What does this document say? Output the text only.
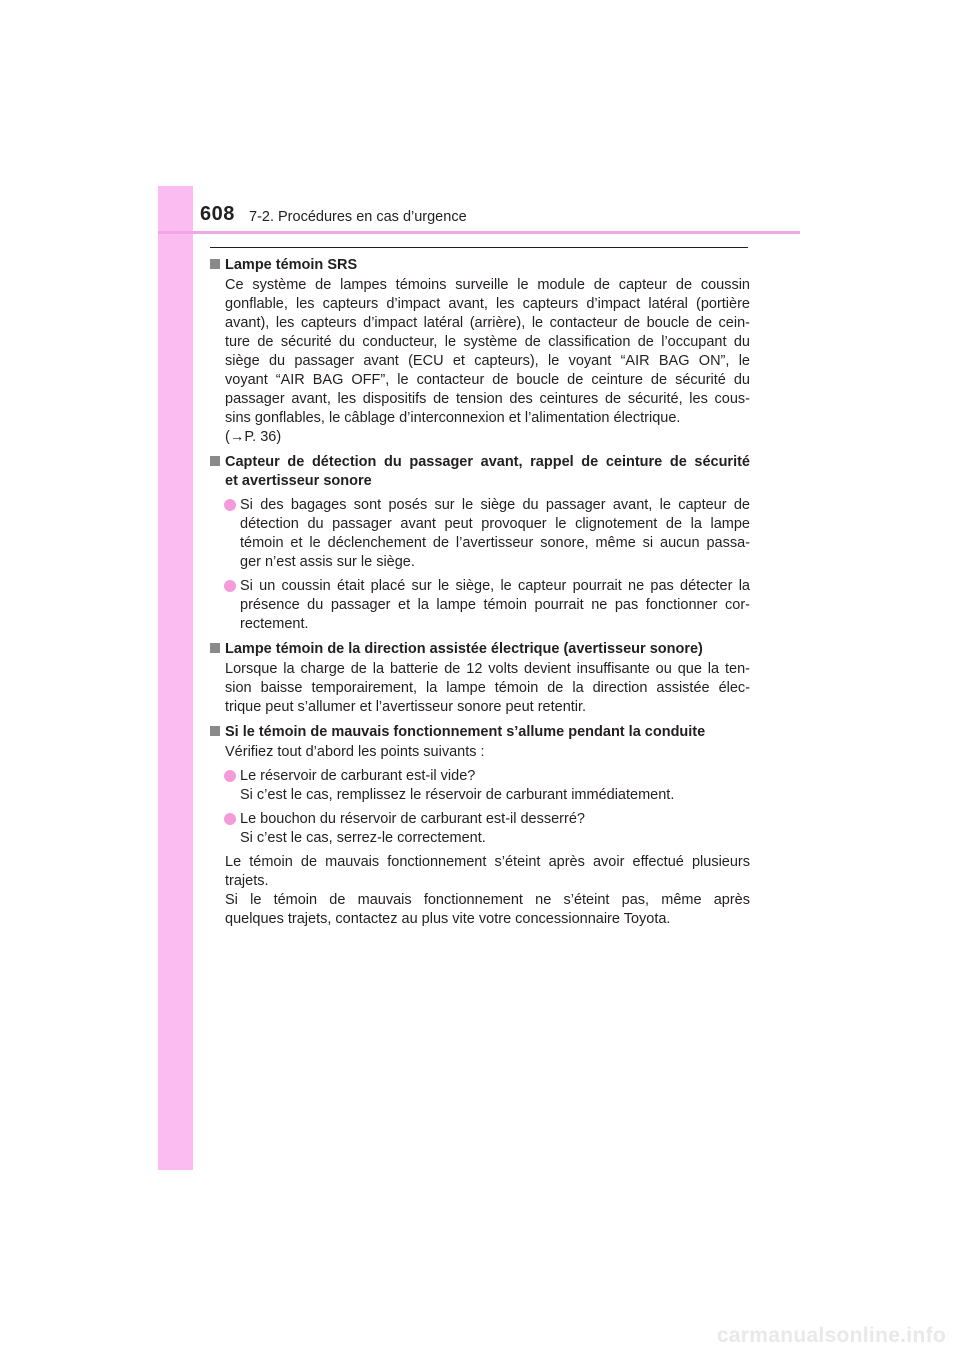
608 7-2. Procédures en cas d’urgence
Lampe témoin SRS
Ce système de lampes témoins surveille le module de capteur de coussin
gonflable, les capteurs d’impact avant, les capteurs d’impact latéral (portière
avant), les capteurs d’impact latéral (arrière), le contacteur de boucle de cein-
ture de sécurité du conducteur, le système de classification de l’occupant du
siège du passager avant (ECU et capteurs), le voyant “AIR BAG ON”, le
voyant “AIR BAG OFF”, le contacteur de boucle de ceinture de sécurité du
passager avant, les dispositifs de tension des ceintures de sécurité, les cous-
sins gonflables, le câblage d’interconnexion et l’alimentation électrique.
(→P. 36)
Capteur de détection du passager avant, rappel de ceinture de sécurité
et avertisseur sonore
Si des bagages sont posés sur le siège du passager avant, le capteur de
détection du passager avant peut provoquer le clignotement de la lampe
témoin et le déclenchement de l’avertisseur sonore, même si aucun passa-
ger n’est assis sur le siège.
Si un coussin était placé sur le siège, le capteur pourrait ne pas détecter la
présence du passager et la lampe témoin pourrait ne pas fonctionner cor-
rectement.
Lampe témoin de la direction assistée électrique (avertisseur sonore)
Lorsque la charge de la batterie de 12 volts devient insuffisante ou que la ten-
sion baisse temporairement, la lampe témoin de la direction assistée élec-
trique peut s’allumer et l’avertisseur sonore peut retentir.
Si le témoin de mauvais fonctionnement s’allume pendant la conduite
Vérifiez tout d’abord les points suivants :
Le réservoir de carburant est-il vide?
Si c’est le cas, remplissez le réservoir de carburant immédiatement.
Le bouchon du réservoir de carburant est-il desserré?
Si c’est le cas, serrez-le correctement.
Le témoin de mauvais fonctionnement s’éteint après avoir effectué plusieurs
trajets.
Si le témoin de mauvais fonctionnement ne s’éteint pas, même après
quelques trajets, contactez au plus vite votre concessionnaire Toyota.
carmanualsonline.info
